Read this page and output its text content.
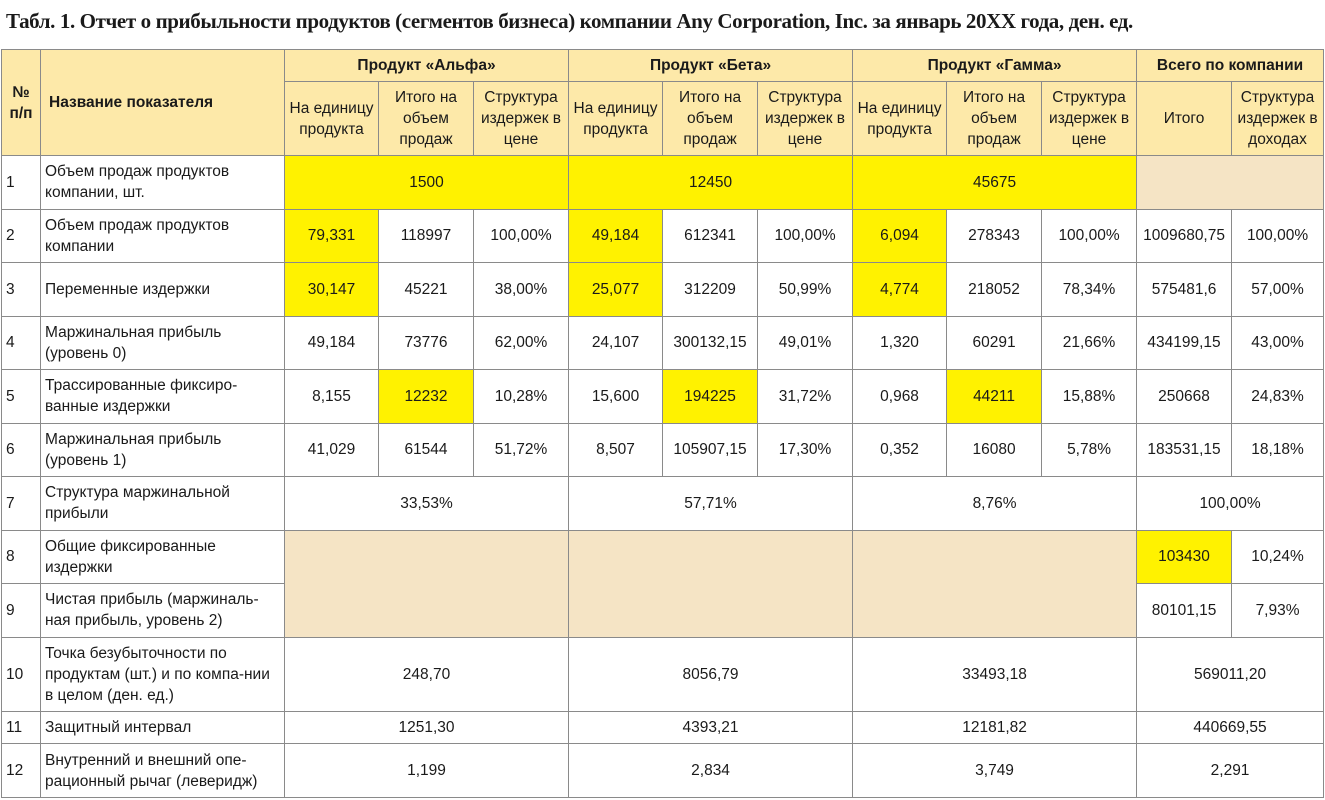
Табл. 1. Отчет о прибыльности продуктов (сегментов бизнеса) компании Any Corporation, Inc. за январь 20XX года, ден. ед.
№ п/п	Название показателя	Продукт «Альфа»			Продукт «Бета»			Продукт «Гамма»			Всего по компании	
		На единицу продукта	Итого на объем продаж	Структура издержек в цене	На единицу продукта	Итого на объем продаж	Структура издержек в цене	На единицу продукта	Итого на объем продаж	Структура издержек в цене	Итого	Структура издержек в доходах
1	Объем продаж продуктов компании, шт.	1500			12450			45675				
2	Объем продаж продуктов компании	79,331	118997	100,00%	49,184	612341	100,00%	6,094	278343	100,00%	1009680,75	100,00%
3	Переменные издержки	30,147	45221	38,00%	25,077	312209	50,99%	4,774	218052	78,34%	575481,6	57,00%
4	Маржинальная прибыль (уровень 0)	49,184	73776	62,00%	24,107	300132,15	49,01%	1,320	60291	21,66%	434199,15	43,00%
5	Трассированные фиксиро-ванные издержки	8,155	12232	10,28%	15,600	194225	31,72%	0,968	44211	15,88%	250668	24,83%
6	Маржинальная прибыль (уровень 1)	41,029	61544	51,72%	8,507	105907,15	17,30%	0,352	16080	5,78%	183531,15	18,18%
7	Структура маржинальной прибыли	33,53%			57,71%			8,76%			100,00%	
8	Общие фиксированные издержки										103430	10,24%
9	Чистая прибыль (маржиналь-ная прибыль, уровень 2)										80101,15	7,93%
10	Точка безубыточности по продуктам (шт.) и по компа-нии в целом (ден. ед.)	248,70			8056,79			33493,18			569011,20	
11	Защитный интервал	1251,30			4393,21			12181,82			440669,55	
12	Внутренний и внешний опе-рационный рычаг (леверидж)	1,199			2,834			3,749			2,291	
